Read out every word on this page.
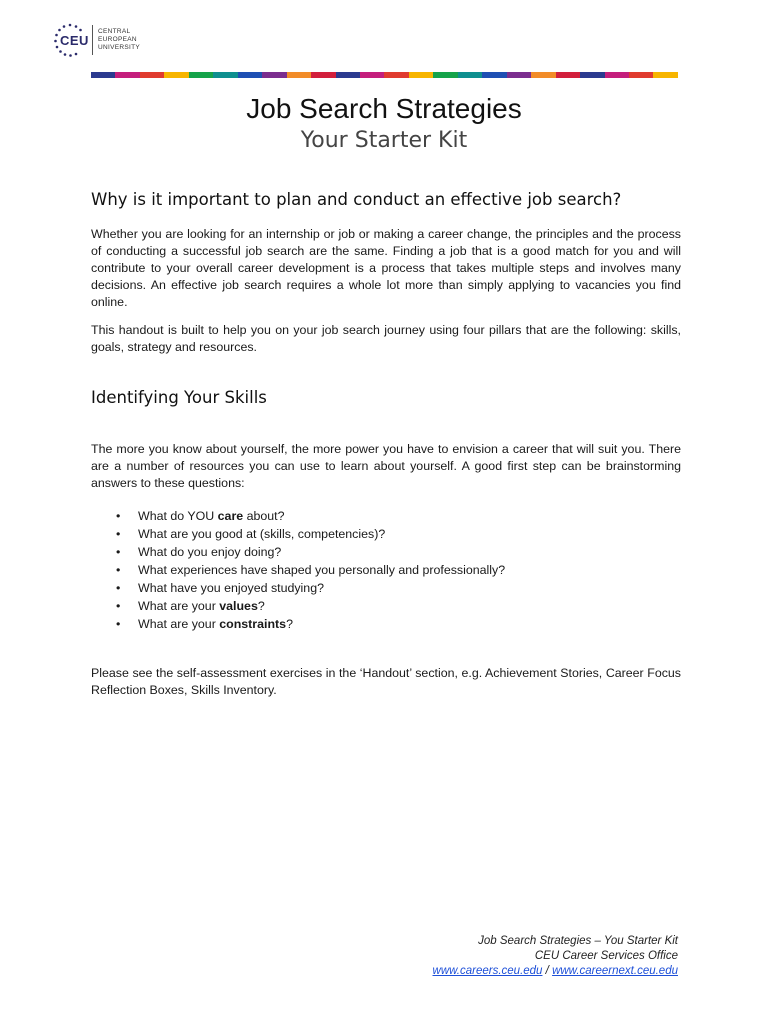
CEU
CENTRAL
EUROPEAN
UNIVERSITY
Job Search Strategies
Your Starter Kit
Why is it important to plan and conduct an effective job search?
Whether you are looking for an internship or job or making a career change, the principles and the process of conducting a successful job search are the same. Finding a job that is a good match for you and will contribute to your overall career development is a process that takes multiple steps and involves many decisions. An effective job search requires a whole lot more than simply applying to vacancies you find online.
This handout is built to help you on your job search journey using four pillars that are the following: skills, goals, strategy and resources.
Identifying Your Skills
The more you know about yourself, the more power you have to envision a career that will suit you. There are a number of resources you can use to learn about yourself. A good first step can be brainstorming answers to these questions:
• What do YOU care about?
• What are you good at (skills, competencies)?
• What do you enjoy doing?
• What experiences have shaped you personally and professionally?
• What have you enjoyed studying?
• What are your values?
• What are your constraints?
Please see the self-assessment exercises in the ‘Handout’ section, e.g. Achievement Stories, Career Focus Reflection Boxes, Skills Inventory.
Job Search Strategies – You Starter Kit
CEU Career Services Office
www.careers.ceu.edu / www.careernext.ceu.edu
